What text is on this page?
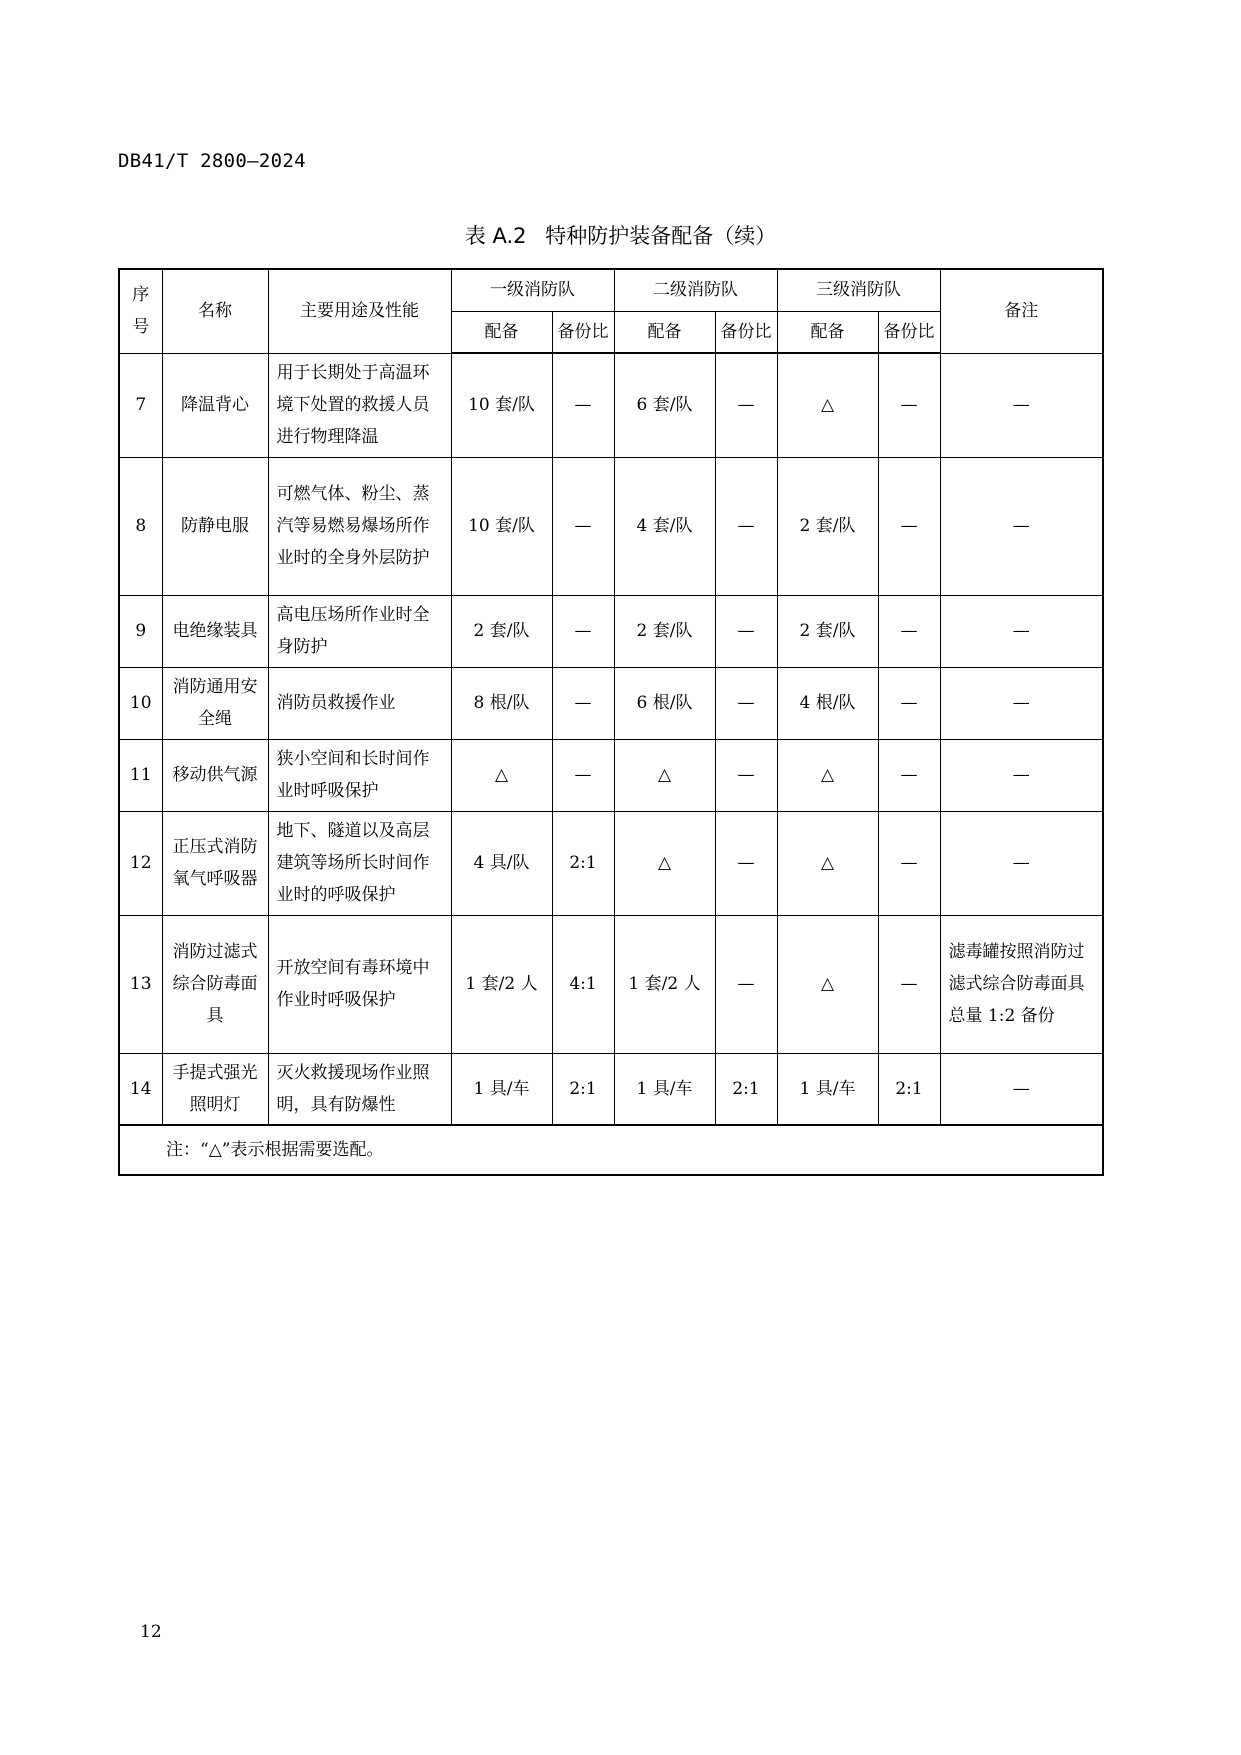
DB41/T 2800—2024
表 A.2 特种防护装备配备（续）
序号	名称	主要用途及性能	一级消防队		二级消防队		三级消防队		备注
			配备	备份比	配备	备份比	配备	备份比	
7	降温背心	用于长期处于高温环境下处置的救援人员进行物理降温	10 套/队	—	6 套/队	—	△	—	—
8	防静电服	可燃气体、粉尘、蒸汽等易燃易爆场所作业时的全身外层防护	10 套/队	—	4 套/队	—	2 套/队	—	—
9	电绝缘装具	高电压场所作业时全身防护	2 套/队	—	2 套/队	—	2 套/队	—	—
10	消防通用安全绳	消防员救援作业	8 根/队	—	6 根/队	—	4 根/队	—	—
11	移动供气源	狭小空间和长时间作业时呼吸保护	△	—	△	—	△	—	—
12	正压式消防氧气呼吸器	地下、隧道以及高层建筑等场所长时间作业时的呼吸保护	4 具/队	2:1	△	—	△	—	—
13	消防过滤式综合防毒面具	开放空间有毒环境中作业时呼吸保护	1 套/2 人	4:1	1 套/2 人	—	△	—	滤毒罐按照消防过滤式综合防毒面具总量 1:2 备份
14	手提式强光照明灯	灭火救援现场作业照明，具有防爆性	1 具/车	2:1	1 具/车	2:1	1 具/车	2:1	—
注：“△”表示根据需要选配。									
12
